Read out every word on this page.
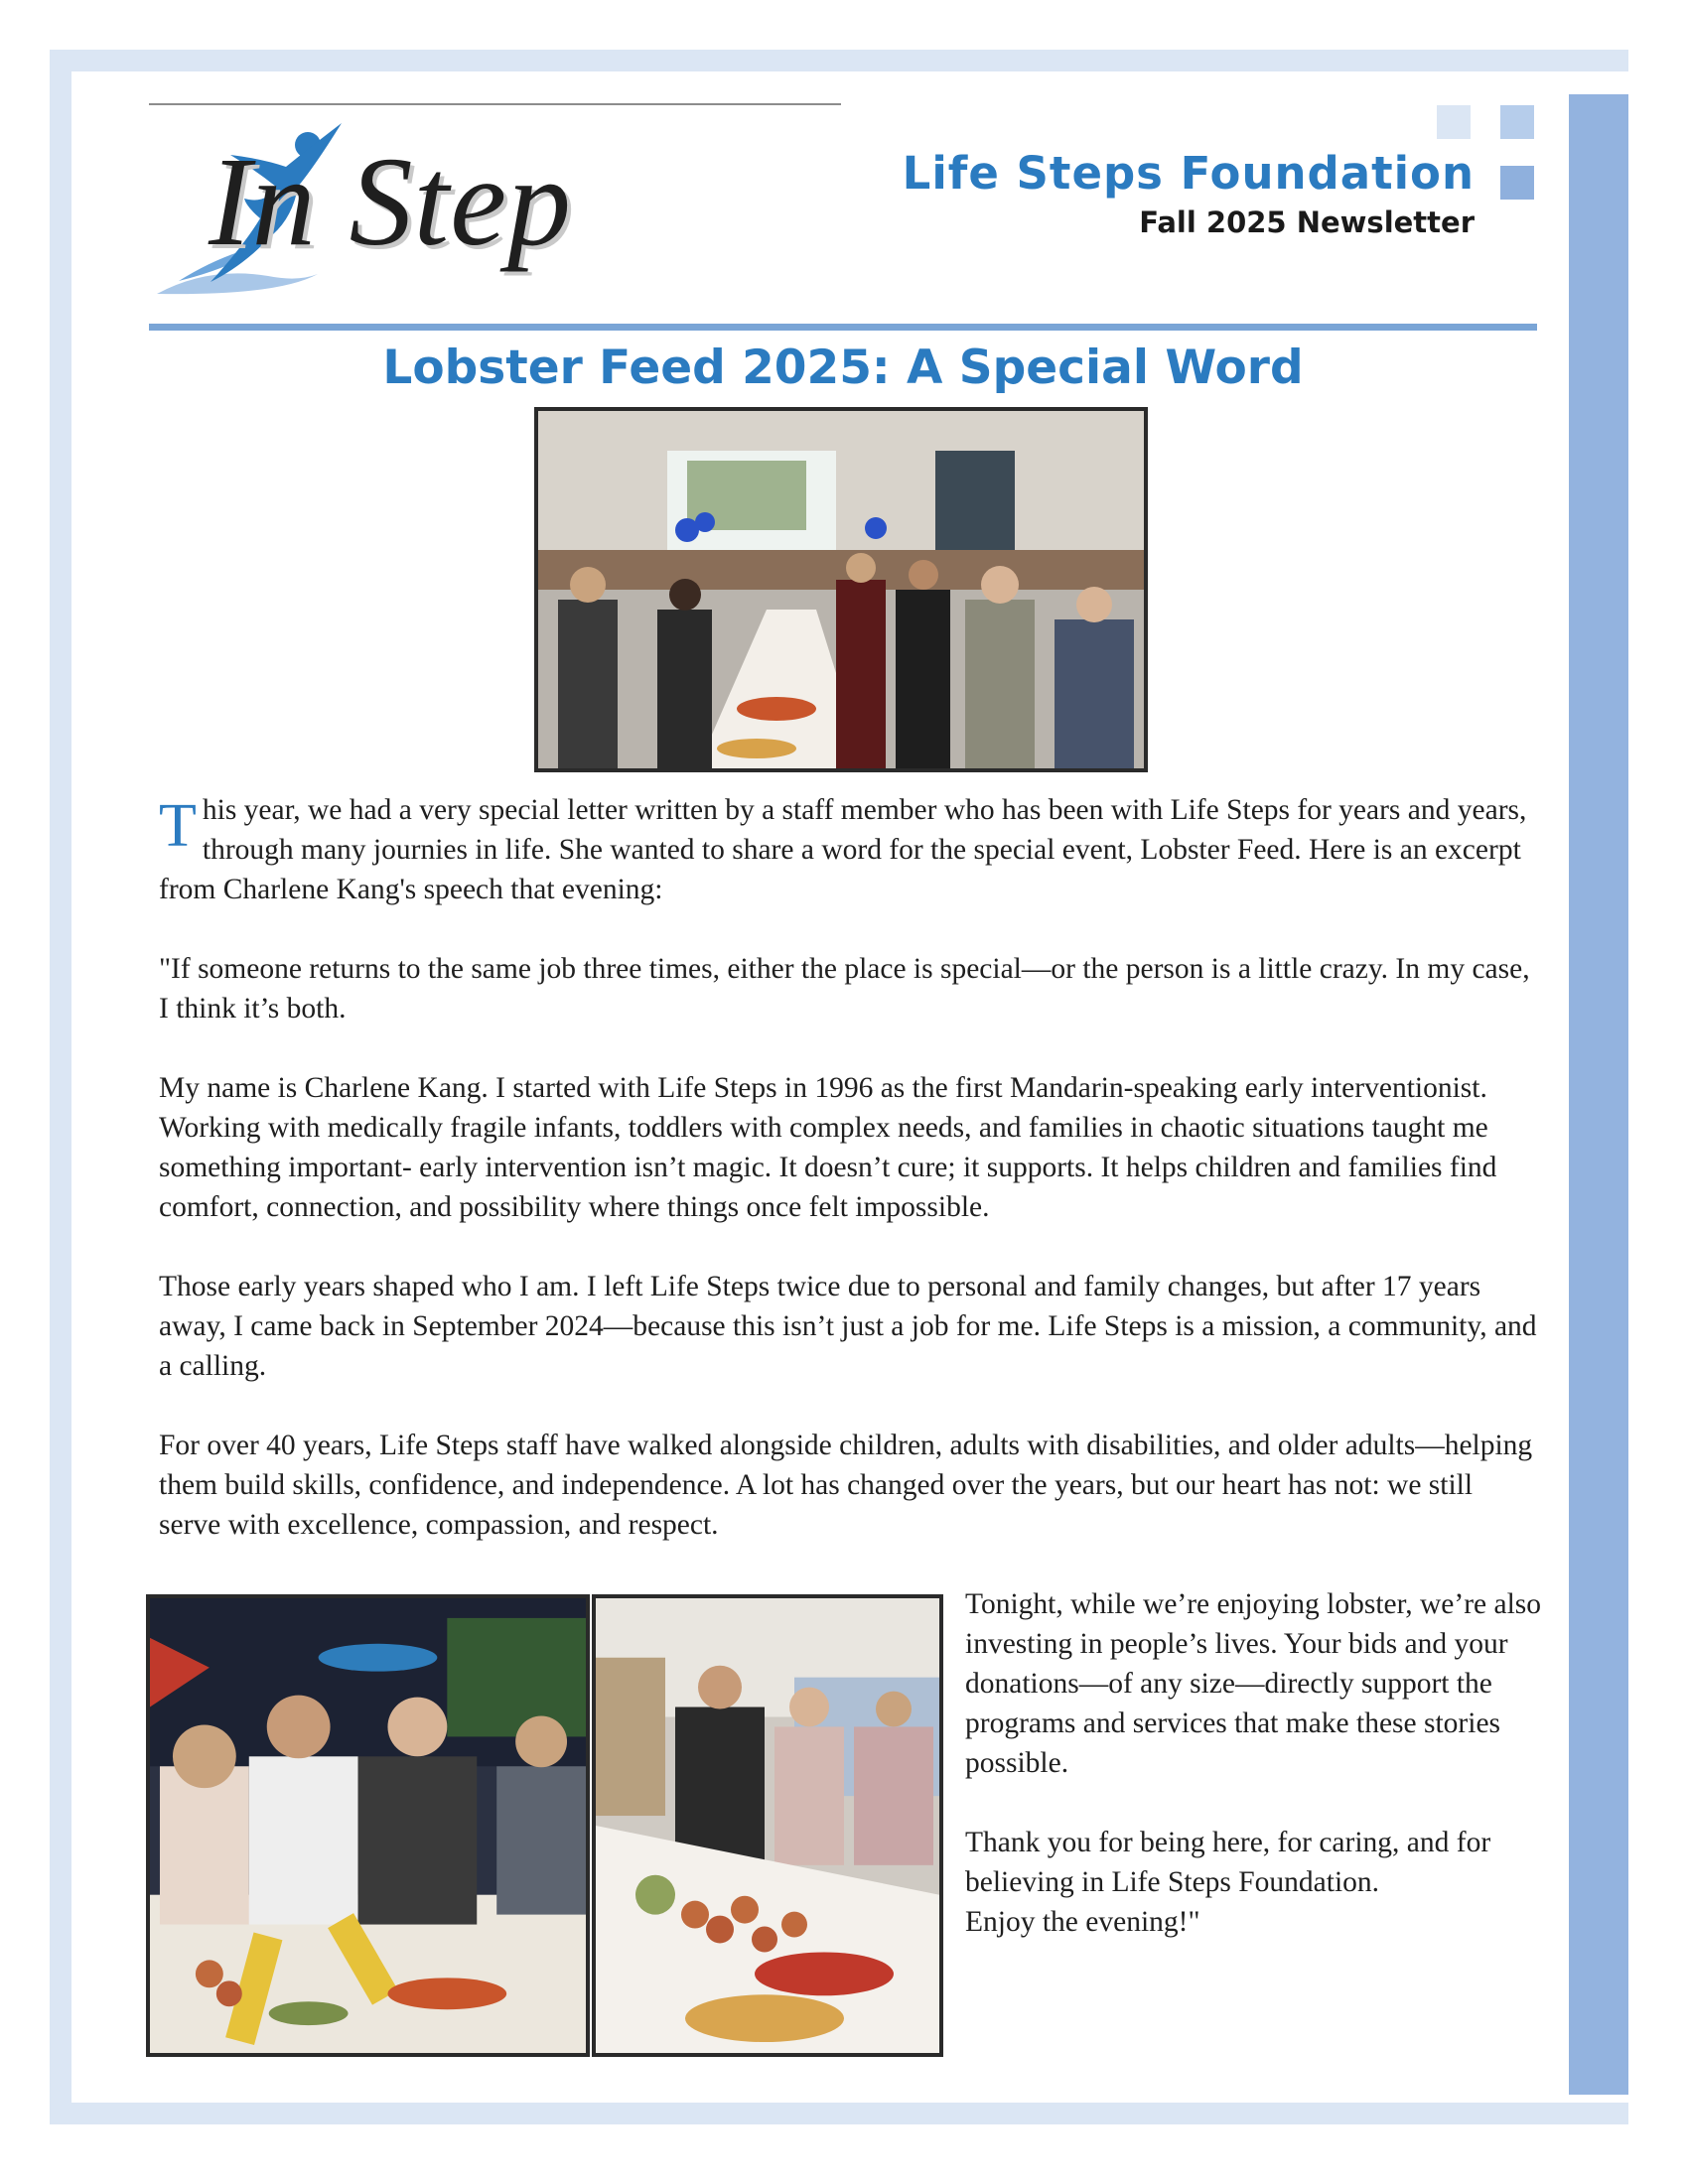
In Step	Life Steps Foundation
Fall 2025 Newsletter
Lobster Feed 2025: A Special Word

This year, we had a very special letter written by a staff member who has been with Life Steps for years and years, through many journies in life. She wanted to share a word for the special event, Lobster Feed. Here is an excerpt from Charlene Kang's speech that evening:

"If someone returns to the same job three times, either the place is special—or the person is a little crazy. In my case, I think it’s both.

My name is Charlene Kang. I started with Life Steps in 1996 as the first Mandarin-speaking early interventionist. Working with medically fragile infants, toddlers with complex needs, and families in chaotic situations taught me something important- early intervention isn’t magic. It doesn’t cure; it supports. It helps children and families find comfort, connection, and possibility where things once felt impossible.

Those early years shaped who I am. I left Life Steps twice due to personal and family changes, but after 17 years away, I came back in September 2024—because this isn’t just a job for me. Life Steps is a mission, a community, and a calling.

For over 40 years, Life Steps staff have walked alongside children, adults with disabilities, and older adults—helping them build skills, confidence, and independence. A lot has changed over the years, but our heart has not: we still serve with excellence, compassion, and respect.

Tonight, while we’re enjoying lobster, we’re also investing in people’s lives. Your bids and your donations—of any size—directly support the programs and services that make these stories possible.

Thank you for being here, for caring, and for
believing in Life Steps Foundation.
Enjoy the evening!"
